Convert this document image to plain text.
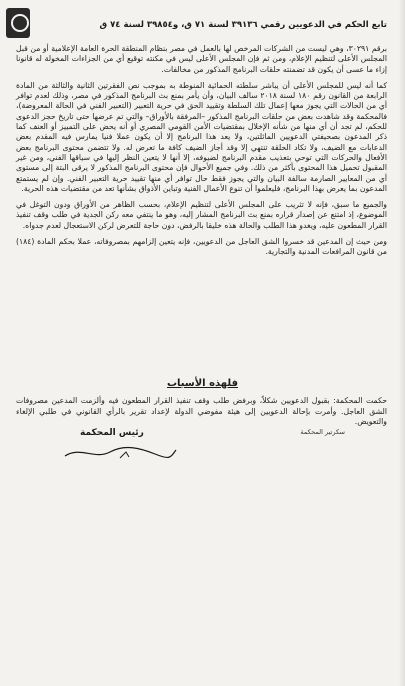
تابع الحكم في الدعويين رقمي ٣٩١٣٦ لسنة ٧١ ق، و٣٩٨٥٤ لسنة ٧٤ ق

برقم ٣٠٢٩١، وهي ليست من الشركات المرخص لها بالعمل في مصر بنظام المنطقة الحرة العامة الإعلامية أو من قبل المجلس الأعلى لتنظيم الإعلام، ومن ثم فإن المجلس الأعلى ليس في مكنته توقيع أي من الجزاءات المخولة له قانونا إزاء ما عسى أن يكون قد تضمنته حلقات البرنامج المذكور من مخالفات.

كما أنه ليس للمجلس الأعلى أن يباشر سلطته الحمائية المنوطة به بموجب نص الفقرتين الثانية والثالثة من المادة الرابعة من القانون رقم ١٨٠ لسنة ٢٠١٨ سالف البيان، وأن يأمر بمنع بث البرنامج المذكور في مصر، وذلك لعدم توافر أي من الحالات التي يجوز معها إعمال تلك السلطة وتقييد الحق في حرية التعبير (التعبير الفني في الحالة المعروضة)، فالمحكمة وقد شاهدت بعض من حلقات البرنامج المذكور –المرفقة بالأوراق– والتي تم عرضها حتى تاريخ حجز الدعوى للحكم، لم تجد أن أي منها من شأنه الإخلال بمقتضيات الأمن القومي المصري أو أنه يحض على التمييز أو العنف كما ذكر المدعون بصحيفتي الدعويين الماثلتين، ولا يعد هذا البرنامج إلا أن يكون عملا فنيا يمارس فيه المقدم بعض الدعابات مع الضيف، ولا تكاد الحلقة تنتهي إلا وقد أجاز الضيف كافة ما تعرض له. ولا تتضمن محتوى البرنامج بعض الأفعال والحركات التي توحي بتعذيب مقدم البرنامج لضيوفه، إلا أنها لا يتعين النظر إليها في سياقها الفني، ومن غير المقبول تحميل هذا المحتوى بأكثر من ذلك. وفي جميع الأحوال فإن محتوى البرنامج المذكور لا يرقى البتة إلى مستوى أي من المعايير الصارمة سالفة البيان والتي يجوز فقط حال توافر أي منها تقييد حرية التعبير الفني. وإن لم يستمتع المدعون بما يعرض بهذا البرنامج، فليعلموا أن تنوع الأعمال الفنية وتباين الأذواق بشأنها تعد من مقتضيات هذه الحرية.

والجميع ما سبق، فإنه لا تثريب على المجلس الأعلى لتنظيم الإعلام، بحسب الظاهر من الأوراق ودون التوغل في الموضوع، إذ امتنع عن إصدار قراره بمنع بث البرنامج المشار إليه، وهو ما ينتفي معه ركن الجدية في طلب وقف تنفيذ القرار المطعون عليه، ويغدو هذا الطلب والحالة هذه خليقا بالرفض، دون حاجة للتعرض لركن الاستعجال لعدم جدواه.

ومن حيث إن المدعين قد خسروا الشق العاجل من الدعويين، فإنه يتعين إلزامهم بمصروفاته، عملا بحكم المادة (١٨٤) من قانون المرافعات المدنية والتجارية.

فلهذه الأسباب
حكمت المحكمة: بقبول الدعويين شكلاً، وبرفض طلب وقف تنفيذ القرار المطعون فيه وألزمت المدعين مصروفات الشق العاجل. وأمرت بإحالة الدعويين إلى هيئة مفوضي الدولة لإعداد تقرير بالرأي القانوني في طلبي الإلغاء والتعويض.
سكرتير المحكمة
رئيس المحكمة
